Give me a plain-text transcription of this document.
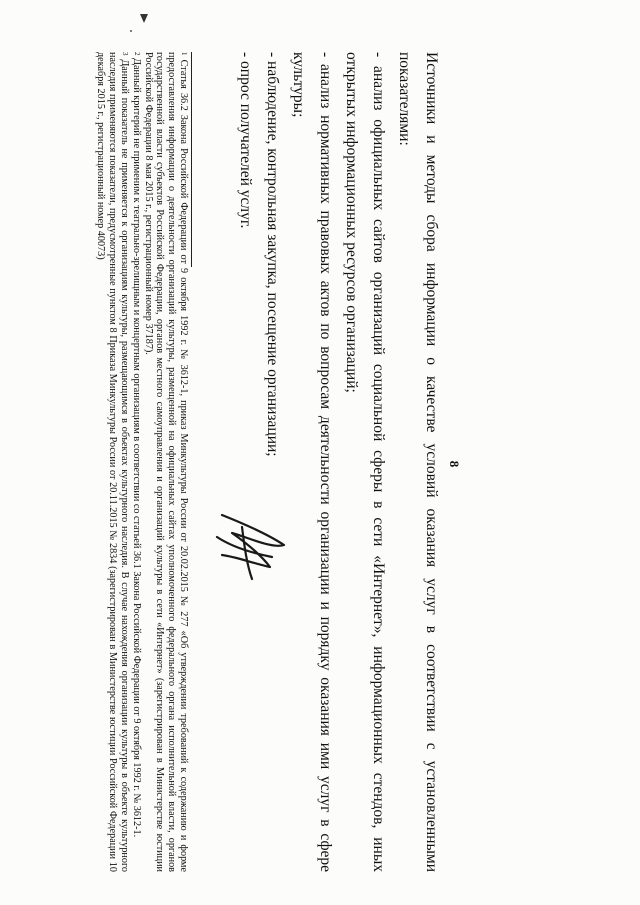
8

Источники и методы сбора информации о качестве условий оказания услуг в соответствии с установленными показателями:

- анализ официальных сайтов организаций социальной сферы в сети «Интернет», информационных стендов, иных открытых информационных ресурсов организаций;

- анализ нормативных правовых актов по вопросам деятельности организации и порядку оказания ими услуг в сфере культуры;

- наблюдение, контрольная закупка, посещение организации;

- опрос получателей услуг.

$^1$ Статья 36.2 Закона Российской Федерации от 9 октября 1992 г. № 3612-1, приказ Минкультуры России от 20.02.2015 № 277 «Об утверждении требований к содержанию и форме предоставления информации о деятельности организаций культуры, размещенной на официальных сайтах уполномоченного федерального органа исполнительной власти, органов государственной власти субъектов Российской Федерации, органов местного самоуправления и организаций культуры в сети «Интернет» (зарегистрирован в Министерстве юстиции Российской Федерации 8 мая 2015 г., регистрационный номер 37187).

$^2$ Данный критерий не применим к театрально-зрелищным и концертным организациям в соответствии со статьей 36.1 Закона Российской Федерации от 9 октября 1992 г. № 3612-1.

$^3$ Данный показатель не применяется к организациям культуры, размещающимся в объектах культурного наследия. В случае нахождения организации культуры в объекте культурного наследия применяются показатели, предусмотренные пунктом 8 Приказа Минкультуры России от 20.11.2015 № 2834 (зарегистрирован в Министерстве юстиции Российской Федерации 10 декабря 2015 г., регистрационный номер 40073)
